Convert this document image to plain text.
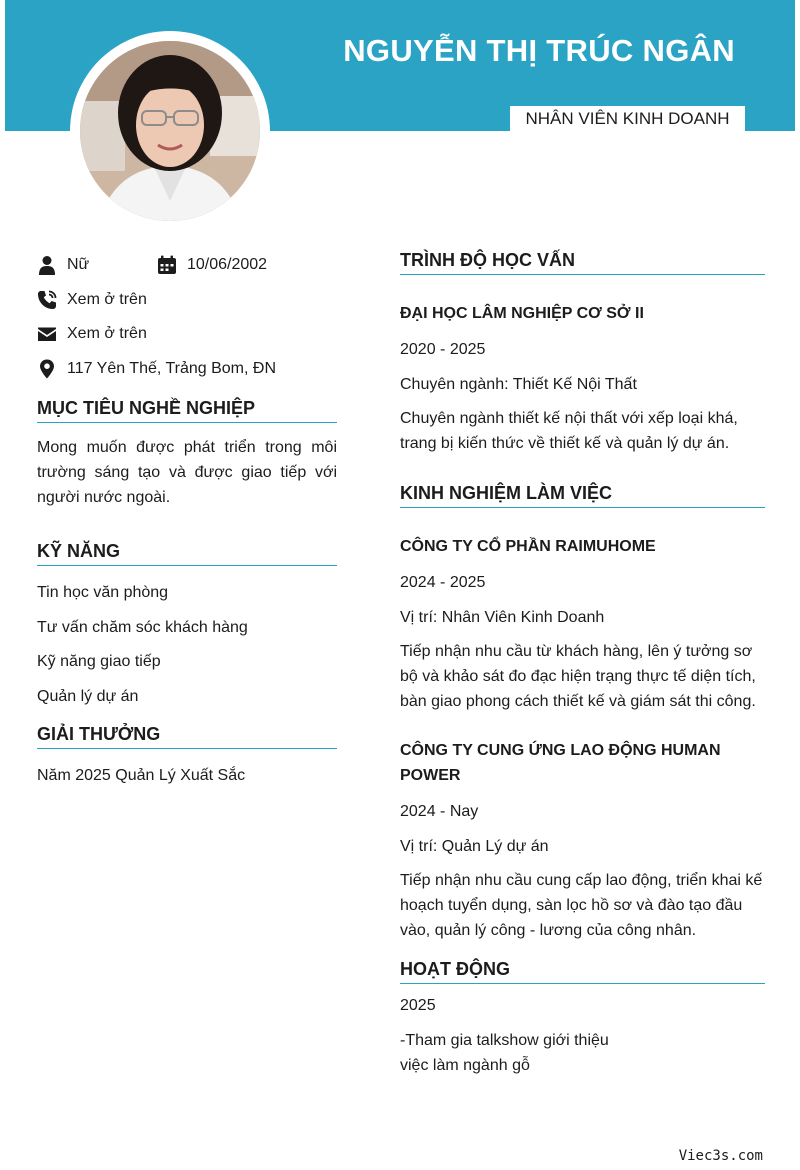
NGUYỄN THỊ TRÚC NGÂN
NHÂN VIÊN KINH DOANH
Nữ	10/06/2002
Xem ở trên
Xem ở trên
117 Yên Thế, Trảng Bom, ĐN
MỤC TIÊU NGHỀ NGHIỆP
Mong muốn được phát triển trong môi trường sáng tạo và được giao tiếp với người nước ngoài.
KỸ NĂNG
Tin học văn phòng
Tư vấn chăm sóc khách hàng
Kỹ năng giao tiếp
Quản lý dự án
GIẢI THƯỞNG
Năm 2025 Quản Lý Xuất Sắc
TRÌNH ĐỘ HỌC VẤN
ĐẠI HỌC LÂM NGHIỆP CƠ SỞ II
2020 - 2025
Chuyên ngành: Thiết Kế Nội Thất
Chuyên ngành thiết kế nội thất với xếp loại khá, trang bị kiến thức về thiết kế và quản lý dự án.
KINH NGHIỆM LÀM VIỆC
CÔNG TY CỔ PHẦN RAIMUHOME
2024 - 2025
Vị trí: Nhân Viên Kinh Doanh
Tiếp nhận nhu cầu từ khách hàng, lên ý tưởng sơ bộ và khảo sát đo đạc hiện trạng thực tế diện tích, bàn giao phong cách thiết kế và giám sát thi công.
CÔNG TY CUNG ỨNG LAO ĐỘNG HUMAN POWER
2024 - Nay
Vị trí: Quản Lý dự án
Tiếp nhận nhu cầu cung cấp lao động, triển khai kế hoạch tuyển dụng, sàn lọc hồ sơ và đào tạo đầu vào, quản lý công - lương của công nhân.
HOẠT ĐỘNG
2025
-Tham gia talkshow giới thiệu
việc làm ngành gỗ
Viec3s.com
